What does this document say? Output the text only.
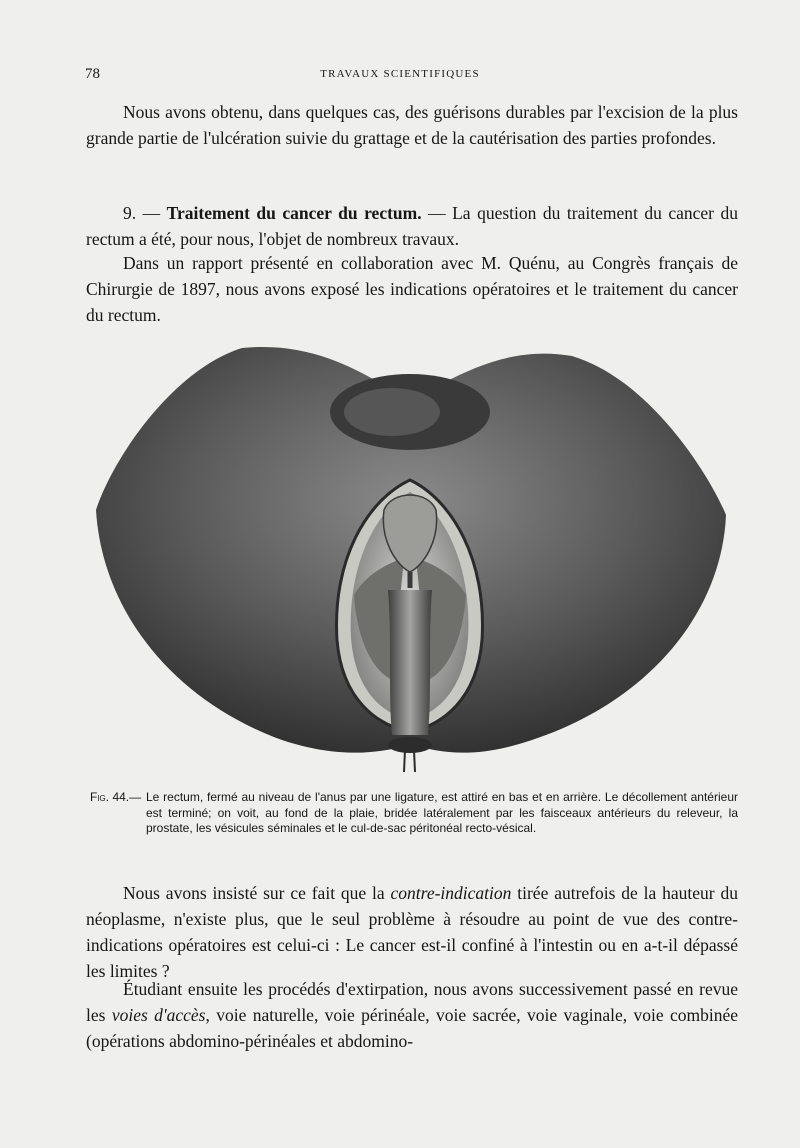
78	TRAVAUX SCIENTIFIQUES

Nous avons obtenu, dans quelques cas, des guérisons durables par l'excision de la plus grande partie de l'ulcération suivie du grattage et de la cautérisation des parties profondes.

9. — Traitement du cancer du rectum. — La question du traitement du cancer du rectum a été, pour nous, l'objet de nombreux travaux.

Dans un rapport présenté en collaboration avec M. Quénu, au Congrès français de Chirurgie de 1897, nous avons exposé les indications opératoires et le traitement du cancer du rectum.

Fig. 44.— Le rectum, fermé au niveau de l'anus par une ligature, est attiré en bas et en arrière. Le décollement antérieur est terminé; on voit, au fond de la plaie, bridée latéralement par les faisceaux antérieurs du releveur, la prostate, les vésicules séminales et le cul-de-sac péritonéal recto-vésical.

Nous avons insisté sur ce fait que la contre-indication tirée autrefois de la hauteur du néoplasme, n'existe plus, que le seul problème à résoudre au point de vue des contre-indications opératoires est celui-ci : Le cancer est-il confiné à l'intestin ou en a-t-il dépassé les limites ?

Étudiant ensuite les procédés d'extirpation, nous avons successivement passé en revue les voies d'accès, voie naturelle, voie périnéale, voie sacrée, voie vaginale, voie combinée (opérations abdomino-périnéales et abdomino-
